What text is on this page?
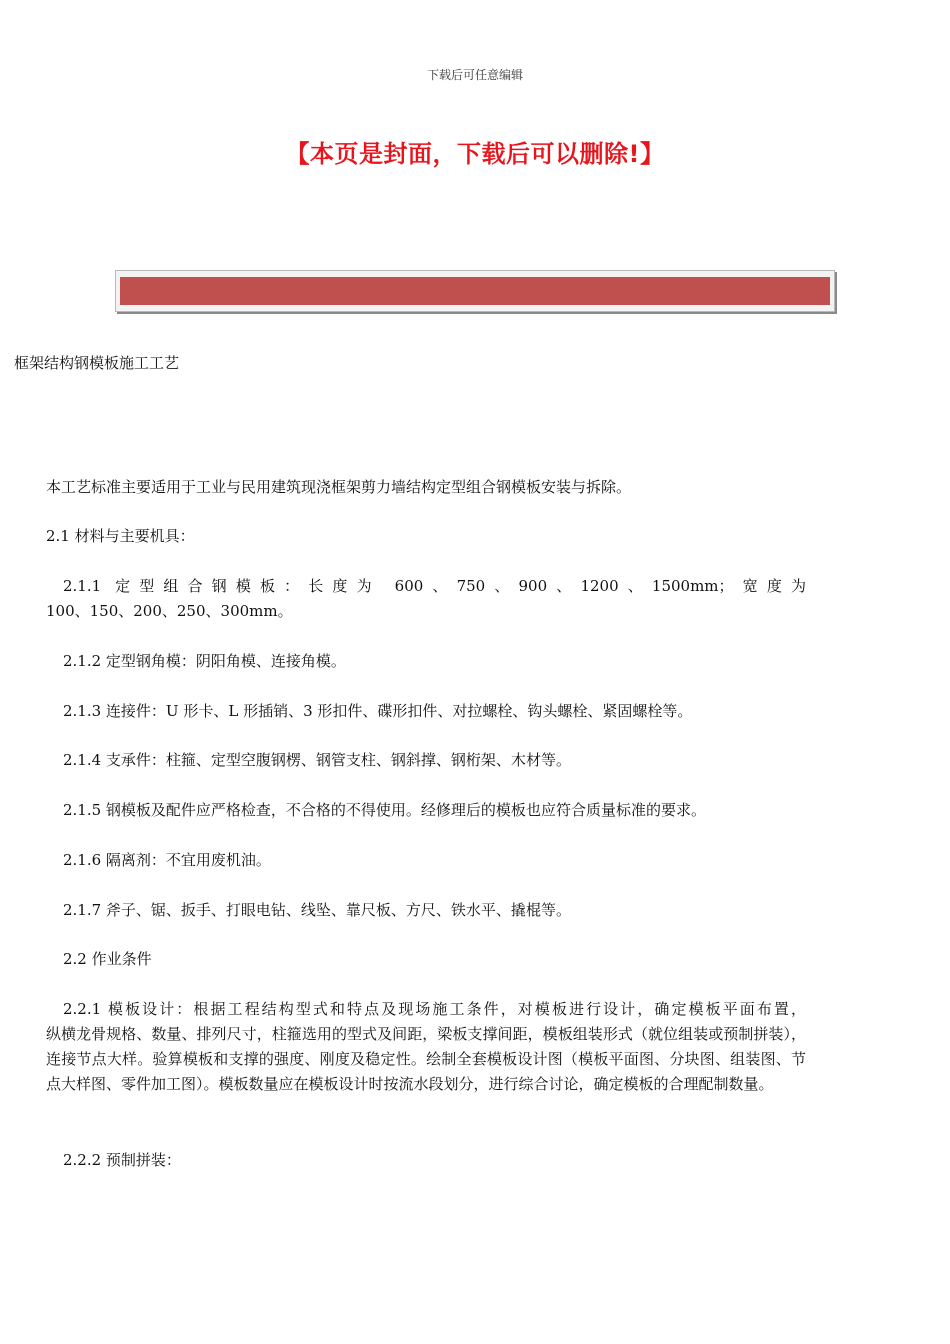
下载后可任意编辑
【本页是封面，下载后可以删除!】
框架结构钢模板施工工艺
本工艺标准主要适用于工业与民用建筑现浇框架剪力墙结构定型组合钢模板安装与拆除。
2.1 材料与主要机具：
2.1.1 定型组合钢模板：长度为 600、750、900、1200、1500mm；宽度为
100、150、200、250、300mm。
2.1.2 定型钢角模：阴阳角模、连接角模。
2.1.3 连接件：U 形卡、L 形插销、3 形扣件、碟形扣件、对拉螺栓、钩头螺栓、紧固螺栓等。
2.1.4 支承件：柱箍、定型空腹钢楞、钢管支柱、钢斜撑、钢桁架、木材等。
2.1.5 钢模板及配件应严格检查，不合格的不得使用。经修理后的模板也应符合质量标准的要求。
2.1.6 隔离剂：不宜用废机油。
2.1.7 斧子、锯、扳手、打眼电钻、线坠、靠尺板、方尺、铁水平、撬棍等。
2.2 作业条件
2.2.1 模板设计：根据工程结构型式和特点及现场施工条件，对模板进行设计，确定模板平面布置，
纵横龙骨规格、数量、排列尺寸，柱箍选用的型式及间距，梁板支撑间距，模板组装形式（就位组装或预制拼装），连接节点大样。验算模板和支撑的强度、刚度及稳定性。绘制全套模板设计图（模板平面图、分块图、组装图、节点大样图、零件加工图）。模板数量应在模板设计时按流水段划分，进行综合讨论，确定模板的合理配制数量。
2.2.2 预制拼装：
